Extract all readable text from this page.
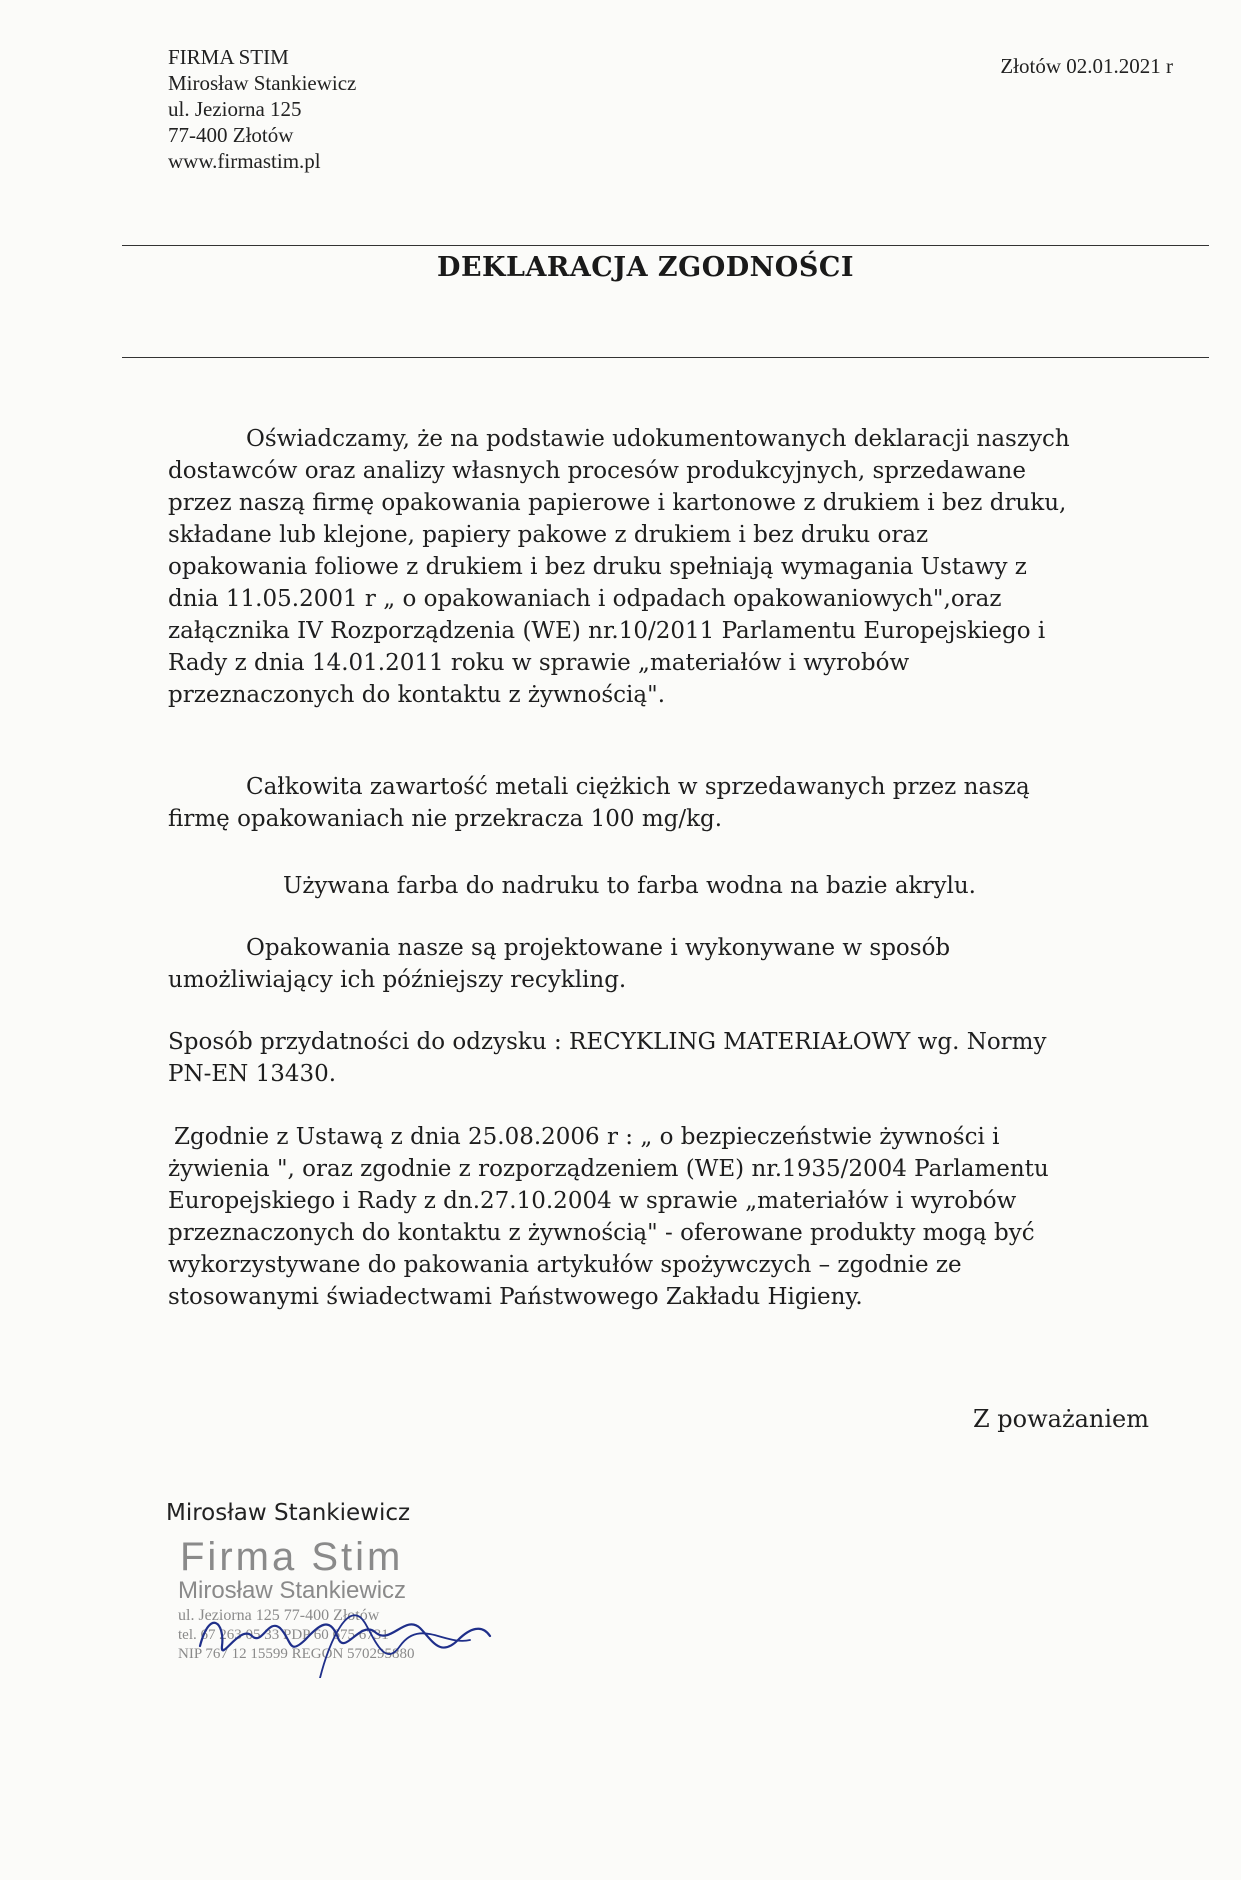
FIRMA STIM
Mirosław Stankiewicz
ul. Jeziorna 125
77-400 Złotów
www.firmastim.pl
Złotów 02.01.2021 r
DEKLARACJA ZGODNOŚCI
Oświadczamy, że na podstawie udokumentowanych deklaracji naszych
dostawców oraz analizy własnych procesów produkcyjnych, sprzedawane
przez naszą firmę opakowania papierowe i kartonowe z drukiem i bez druku,
składane lub klejone, papiery pakowe z drukiem i bez druku oraz
opakowania foliowe z drukiem i bez druku spełniają wymagania Ustawy z
dnia 11.05.2001 r „ o opakowaniach i odpadach opakowaniowych",oraz
załącznika IV Rozporządzenia (WE) nr.10/2011 Parlamentu Europejskiego i
Rady z dnia 14.01.2011 roku w sprawie „materiałów i wyrobów
przeznaczonych do kontaktu z żywnością".
Całkowita zawartość metali ciężkich w sprzedawanych przez naszą
firmę opakowaniach nie przekracza 100 mg/kg.
Używana farba do nadruku to farba wodna na bazie akrylu.
Opakowania nasze są projektowane i wykonywane w sposób
umożliwiający ich późniejszy recykling.
Sposób przydatności do odzysku : RECYKLING MATERIAŁOWY wg. Normy
PN-EN 13430.
Zgodnie z Ustawą z dnia 25.08.2006 r : „ o bezpieczeństwie żywności i
żywienia ", oraz zgodnie z rozporządzeniem (WE) nr.1935/2004 Parlamentu
Europejskiego i Rady z dn.27.10.2004 w sprawie „materiałów i wyrobów
przeznaczonych do kontaktu z żywnością" - oferowane produkty mogą być
wykorzystywane do pakowania artykułów spożywczych – zgodnie ze
stosowanymi świadectwami Państwowego Zakładu Higieny.
Z poważaniem
Mirosław Stankiewicz
Firma Stim
Mirosław Stankiewicz
ul. Jeziorna 125 77-400 Złotów
tel. 67 263 05 33 PDP 60 675 6731
NIP 767 12 15599 REGON 570295880
